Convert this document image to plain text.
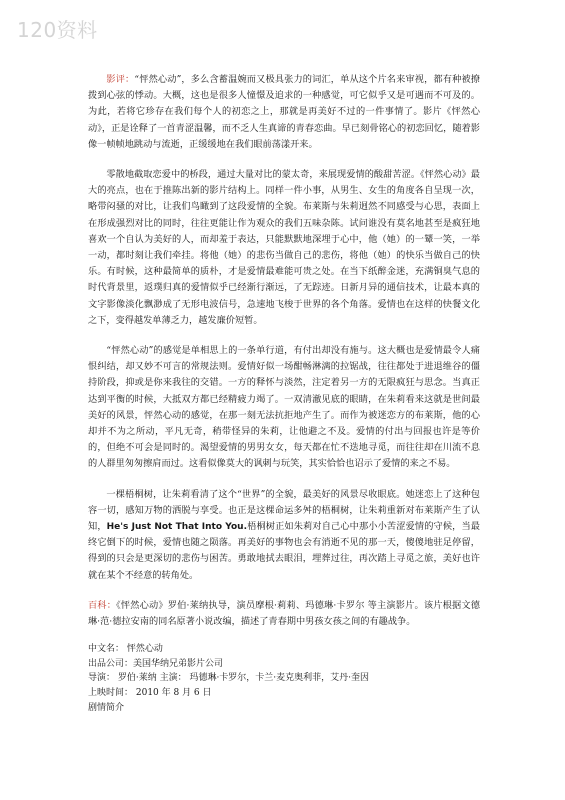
120资料

影评：“怦然心动”，多么含蓄温婉而又极具张力的词汇，单从这个片名来审视，都有种被撩拨到心弦的悸动。大概，这也是很多人憧憬及追求的一种感觉，可它似乎又是可遇而不可及的。为此，若将它珍存在我们每个人的初恋之上，那就是再美好不过的一件事情了。影片《怦然心动》，正是诠释了一首青涩温馨，而不乏人生真谛的青春恋曲。早已刻骨铭心的初恋回忆，随着影像一帧帧地跳动与流逝，正缓缓地在我们眼前荡漾开来。

零散地截取恋爱中的桥段，通过大量对比的蒙太奇，来展现爱情的酸甜苦涩。《怦然心动》最大的亮点，也在于推陈出新的影片结构上。同样一件小事，从男生、女生的角度各自呈现一次，略带闷骚的对比，让我们鸟瞰到了这段爱情的全貌。布莱斯与朱莉迥然不同感受与心思，表面上在形成强烈对比的同时，往往更能让作为观众的我们五味杂陈。试问谁没有莫名地甚至是疯狂地喜欢一个自认为美好的人，而却羞于表达，只能默默地深埋于心中，他（她）的一颦一笑，一举一动，都时刻让我们牵挂。将他（她）的悲伤当做自己的悲伤，将他（她）的快乐当做自己的快乐。有时候，这种最简单的质朴，才是爱情最难能可贵之处。在当下纸醉金迷，充满铜臭气息的时代背景里，返璞归真的爱情似乎已经渐行渐远，了无踪迹。日新月异的通信技术，让最本真的文字影像淡化飘渺成了无形电波信号，急速地飞梭于世界的各个角落。爱情也在这样的快餐文化之下，变得越发单薄乏力，越发廉价短暂。

“怦然心动”的感觉是单相思上的一条单行道，有付出却没有施与。这大概也是爱情最令人痛恨纠结，却又妙不可言的常规法则。爱情好似一场酣畅淋漓的拉锯战，往往都处于进退维谷的僵持阶段，抑或是你来我往的交错。一方的释怀与淡然，注定着另一方的无限疯狂与思念。当真正达到平衡的时候，大抵双方都已经精疲力竭了。一双清澈见底的眼睛，在朱莉看来这就是世间最美好的风景，怦然心动的感觉，在那一刻无法抗拒地产生了。而作为被迷恋方的布莱斯，他的心却并不为之所动，平凡无奇，稍带怪异的朱莉，让他避之不及。爱情的付出与回报也许是等价的，但绝不可会是同时的。渴望爱情的男男女女，每天都在忙不迭地寻觅，而往往却在川流不息的人群里匆匆擦肩而过。这看似像莫大的讽刺与玩笑，其实恰恰也诏示了爱情的来之不易。

一棵梧桐树，让朱莉看清了这个“世界”的全貌，最美好的风景尽收眼底。她迷恋上了这种包容一切，感知万物的洒脱与享受。也正是这棵命运多舛的梧桐树，让朱莉重新对布莱斯产生了认知，He's Just Not That Into You.梧桐树正如朱莉对自己心中那小小苦涩爱情的守候，当最终它倒下的时候，爱情也随之陨落。再美好的事物也会有消逝不见的那一天，傻傻地驻足停留，得到的只会是更深切的悲伤与困苦。勇敢地拭去眼泪，埋葬过往，再次踏上寻觅之旅，美好也许就在某个不经意的转角处。

百科：《怦然心动》罗伯·莱纳执导，演员摩根·莉莉、玛德琳·卡罗尔 等主演影片。该片根据文德琳·范·德拉安南的同名原著小说改编，描述了青春期中男孩女孩之间的有趣战争。

中文名： 怦然心动
出品公司：美国华纳兄弟影片公司
导演： 罗伯·莱纳 主演： 玛德琳·卡罗尔，卡兰·麦克奥利菲，艾丹·奎因
上映时间： 2010 年 8 月 6 日
剧情简介
